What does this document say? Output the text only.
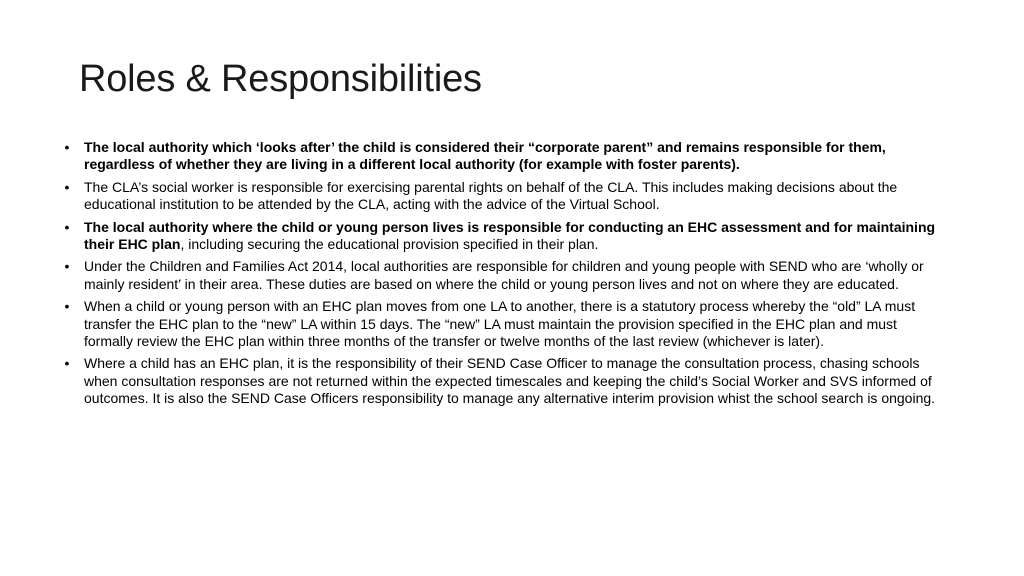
Roles & Responsibilities
•	The local authority which ‘looks after’ the child is considered their “corporate parent” and remains responsible for them, regardless of whether they are living in a different local authority (for example with foster parents).
•	The CLA’s social worker is responsible for exercising parental rights on behalf of the CLA. This includes making decisions about the educational institution to be attended by the CLA, acting with the advice of the Virtual School.
•	The local authority where the child or young person lives is responsible for conducting an EHC assessment and for maintaining their EHC plan, including securing the educational provision specified in their plan.
•	Under the Children and Families Act 2014, local authorities are responsible for children and young people with SEND who are ‘wholly or mainly resident’ in their area. These duties are based on where the child or young person lives and not on where they are educated.
•	When a child or young person with an EHC plan moves from one LA to another, there is a statutory process whereby the “old” LA must transfer the EHC plan to the “new” LA within 15 days. The “new” LA must maintain the provision specified in the EHC plan and must formally review the EHC plan within three months of the transfer or twelve months of the last review (whichever is later).
•	Where a child has an EHC plan, it is the responsibility of their SEND Case Officer to manage the consultation process, chasing schools when consultation responses are not returned within the expected timescales and keeping the child’s Social Worker and SVS informed of outcomes. It is also the SEND Case Officers responsibility to manage any alternative interim provision whist the school search is ongoing.
